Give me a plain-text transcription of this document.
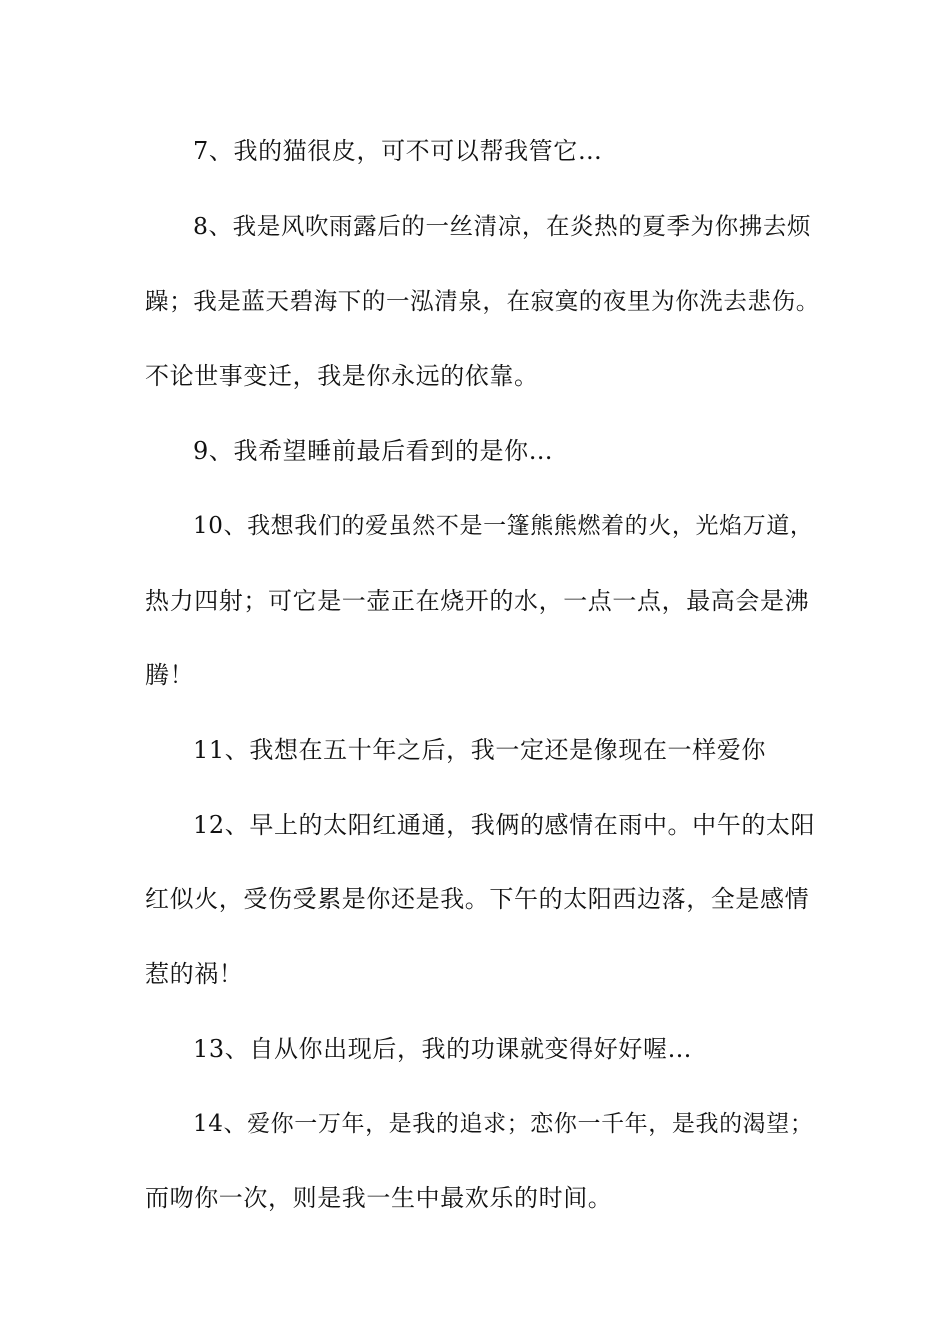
7、我的猫很皮，可不可以帮我管它…

8、我是风吹雨露后的一丝清凉，在炎热的夏季为你拂去烦

躁；我是蓝天碧海下的一泓清泉，在寂寞的夜里为你洗去悲伤。

不论世事变迁，我是你永远的依靠。

9、我希望睡前最后看到的是你…

10、我想我们的爱虽然不是一篷熊熊燃着的火，光焰万道，

热力四射；可它是一壶正在烧开的水，一点一点，最高会是沸

腾！

11、我想在五十年之后，我一定还是像现在一样爱你

12、早上的太阳红通通，我俩的感情在雨中。中午的太阳

红似火，受伤受累是你还是我。下午的太阳西边落，全是感情

惹的祸！

13、自从你出现后，我的功课就变得好好喔…

14、爱你一万年，是我的追求；恋你一千年，是我的渴望；

而吻你一次，则是我一生中最欢乐的时间。
